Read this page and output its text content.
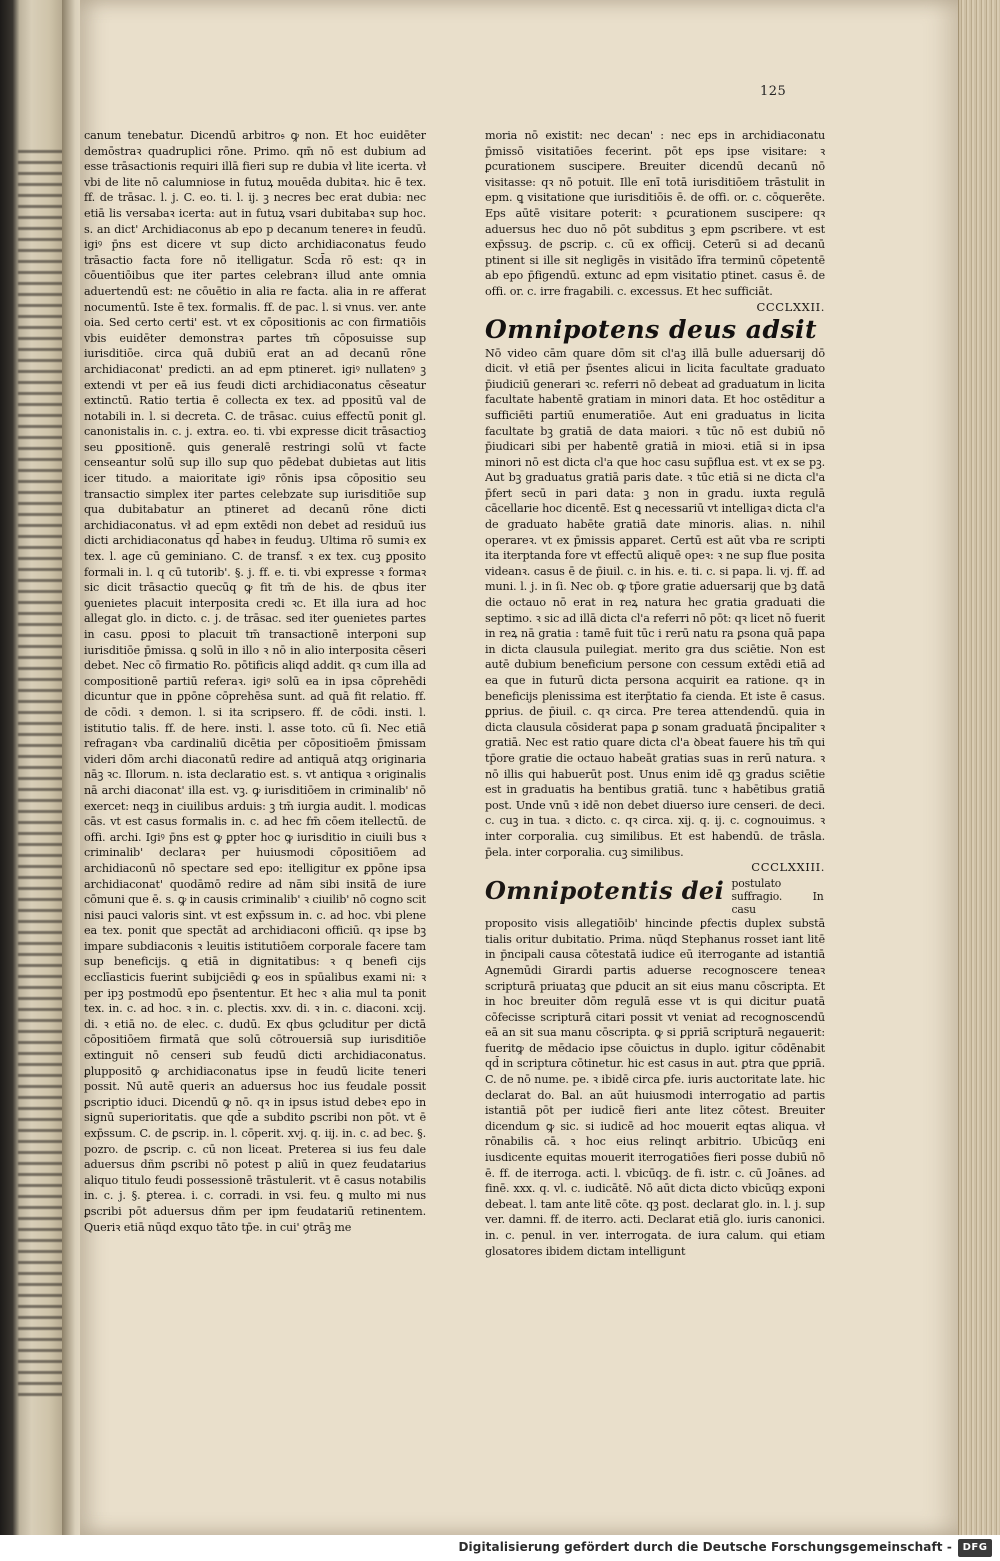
125

canum tenebatur. Dicendū arbitro𝔰 ꝙ non. Et hoc euidēter demōstraꝛ quadruplici rōne. Primo. qm̄ nō est dubium ad esse trāsactionis requiri illā fieri sup re dubia vł lite icerta. vł vbi de lite nō calumniose in futuꝝ mouēda dubitaꝛ. hic ē tex. ff. de trāsac. l. j. C. eo. ti. l. ij. ꝫ necres bec erat dubia: nec etiā lis versabaꝛ icerta: aut in futuꝝ vsari dubitabaꝛ sup hoc. s. an dict' Archidiaconus ab epo p decanum tenereꝛ in feudū. igiꝰ p̄ns est dicere vt sup dicto archidiaconatus feudo trāsactio facta fore nō itelligatur. Scd̄a rō est: qꝛ in cōuentiōibus que iter partes celebranꝛ illud ante omnia aduertendū est: ne cōuētio in alia re facta. alia in re afferat nocumentū. Iste ē tex. formalis. ff. de pac. l. si vnus. ver. ante oia. Sed certo certi' est. vt ex cōpositionis ac con firmatiōis vbis euidēter demonstraꝛ partes tm̄ cōposuisse sup iurisditiōe. circa quā dubiū erat an ad decanū rōne archidiaconat' predicti. an ad epm ptineret. igiꝰ nullatenꝰ ꝫ extendi vt per eā ius feudi dicti archidiaconatus cēseatur extinctū. Ratio tertia ē collecta ex tex. ad ppositū val de notabili in. l. si decreta. C. de trāsac. cuius effectū ponit gl. canonistalis in. c. j. extra. eo. ti. vbi expresse dicit trāsactioꝫ seu ꝑpositionē. ꝗuis generalē restringi solū vt facte censeantur solū sup illo sup quo pēdebat dubietas aut litis icer titudo. a maioritate igiꝰ rōnis ipsa cōpositio seu transactio simplex iter partes celebzate sup iurisditiōe sup qua dubitabatur an ptineret ad decanū rōne dicti archidiaconatus. vł ad epm extēdi non debet ad residuū ius dicti archidiaconatus qd̄ habeꝛ in feuduꝫ. Ultima rō sumiꝛ ex tex. l. age cū geminiano. C. de transf. ꝛ ex tex. cuꝫ ꝑposito formali in. l. q cū tutorib'. §. j. ff. e. ti. vbi expresse ꝛ formaꝛ sic dicit trāsactio quecūq ꝙ fit tm̄ de his. de qbus iter ꝯuenietes placuit interposita credi ꝛc. Et illa iura ad hoc allegat glo. in dicto. c. j. de trāsac. sed iter ꝯuenietes partes in casu. ꝑposi to placuit tm̄ transactionē interponi sup iurisditiōe p̄missa. ꝗ solū in illo ꝛ nō in alio interposita cēseri debet. Nec cō firmatio Ro. pōtificis aliqd addit. qꝛ cum illa ad compositionē partiū referaꝛ. igiꝰ solū ea in ipsa cōprehēdi dicuntur que in ꝑpōne cōprehēsa sunt. ad quā fit relatio. ff. de cōdi. ꝛ demon. l. si ita scripsero. ff. de cōdi. insti. l. istitutio talis. ff. de here. insti. l. asse toto. cū ſi. Nec etiā refraganꝛ vba cardinaliū dicētia per cōpositioēm p̄missam videri dōm archi diaconatū redire ad antiquā atqꝫ originaria nāꝫ ꝛc. Illorum. n. ista declaratio est. s. vt antiqua ꝛ originalis nā archi diaconat' illa est. vꝫ. ꝙ iurisditiōem in criminalib' nō exercet: neqꝫ in ciuilibus arduis: ꝫ tm̄ iurgia audit. l. modicas cās. vt est casus formalis in. c. ad hec fm̄ cōem itellectū. de offi. archi. Igiꝰ p̄ns est ꝙ ꝑpter hoc ꝙ iurisditio in ciuili bus ꝛ criminalib' declaraꝛ per huiusmodi cōpositiōem ad archidiaconū nō spectare sed epo: itelligitur ex ꝑpōne ipsa archidiaconat' quodāmō redire ad nām sibi insitā de iure cōmuni que ē. s. ꝙ in causis criminalib' ꝛ ciuilib' nō cogno scit nisi pauci valoris sint. vt est exp̄ssum in. c. ad hoc. vbi plene ea tex. ponit que spectāt ad archidiaconi officiū. qꝛ ipse bꝫ impare subdiaconis ꝛ leuitis istitutiōem corporale facere tam sup beneficijs. ꝗ etiā in dignitatibus: ꝛ q benefi cijs ecclīasticis fuerint subijciēdi ꝙ eos in spūalibus exami ni: ꝛ per ipꝫ postmodū epo p̄sententur. Et hec ꝛ alia mul ta ponit tex. in. c. ad hoc. ꝛ in. c. plectis. xxv. di. ꝛ in. c. diaconi. xcij. di. ꝛ etiā no. de elec. c. dudū. Ex qbus ꝯcluditur per dictā cōpositiōem firmatā que solū cōtrouersiā sup iurisditiōe extinguit nō censeri sub feudū dicti archidiaconatus. ꝑluppositō ꝙ archidiaconatus ipse in feudū licite teneri possit. Nū autē queriꝛ an aduersus hoc ius feudale possit ꝑscriptio iduci. Dicendū ꝙ nō. qꝛ in ipsus istud debeꝛ epo in signū superioritatis. que qd̄e a subdito ꝑscribi non pōt. vt ē exp̄ssum. C. de ꝑscrip. in. l. cōperit. xvj. q. iij. in. c. ad bec. §. pozro. de ꝑscrip. c. cū non liceat. Preterea si ius feu dale aduersus dñm ꝑscribi nō potest p aliū in quez feudatarius aliquo titulo feudi possessionē trāstulerit. vt ē casus notabilis in. c. j. §. ꝑterea. i. c. corradi. in vsi. feu. ꝗ multo mi nus ꝑscribi pōt aduersus dñm per ipm feudatariū retinentem. Queriꝛ etiā nūqd exquo tāto tp̄e. in cui' ꝯtrāꝫ me

moria nō existit: nec decan' : nec eps in archidiaconatu p̄missō visitatiōes fecerint. pōt eps ipse visitare: ꝛ ꝑcurationem suscipere. Breuiter dicendū decanū nō visitasse: qꝛ nō potuit. Ille enī totā iurisditiōem trāstulit in epm. ꝗ visitatione que iurisditiōis ē. de offi. or. c. cōquerēte. Eps aūtē visitare poterit: ꝛ ꝑcurationem suscipere: qꝛ aduersus hec duo nō pōt subditus ꝫ epm ꝑscribere. vt est exp̄ssuꝫ. de ꝑscrip. c. cū ex officij. Ceterū si ad decanū ptinent si ille sit negligēs in visitādo īfra terminū cōpetentē ab epo p̄figendū. extunc ad epm visitatio ptinet. casus ē. de offi. or. c. irre fragabili. c. excessus. Et hec sufficiāt.

CCCLXXII.

Omnipotens deus adsit

Nō video cām quare dōm sit cl'aꝫ illā bulle aduersarij dō dicit. vł etiā per p̄sentes alicui in licita facultate graduato p̄iudiciū generari ꝛc. referri nō debeat ad graduatum in licita facultate habentē gratiam in minori data. Et hoc ostēditur a sufficiēti partiū enumeratiōe. Aut eni graduatus in licita facultate bꝫ gratiā de data maiori. ꝛ tūc nō est dubiū nō p̄iudicari sibi per habentē gratiā in mioꝛi. etiā si in ipsa minori nō est dicta cl'a que hoc casu sup̄flua est. vt ex se pꝫ. Aut bꝫ graduatus gratiā paris date. ꝛ tūc etiā si ne dicta cl'a p̄fert secū in pari data: ꝫ non in gradu. iuxta regulā cācellarie hoc dicentē. Est ꝗ necessariū vt intelligaꝛ dicta cl'a de graduato habēte gratiā date minoris. alias. n. nihil operareꝛ. vt ex p̄missis apparet. Certū est aūt vba re scripti ita iterptanda fore vt effectū aliquē opeꝛ: ꝛ ne sup flue posita videanꝛ. casus ē de p̄iuil. c. in his. e. ti. c. si papa. li. vj. ff. ad muni. l. j. in ſi. Nec ob. ꝙ tp̄ore gratie aduersarij que bꝫ datā die octauo nō erat in reꝝ natura hec gratia graduati die septimo. ꝛ sic ad illā dicta cl'a referri nō pōt: qꝛ licet nō fuerit in reꝝ nā gratia : tamē fuit tūc i rerū natu ra ꝑsona quā papa in dicta clausula puilegiat. merito gra dus sciētie. Non est autē dubium beneficium persone con cessum extēdi etiā ad ea que in futurū dicta persona acquirit ea ratione. qꝛ in beneficijs plenissima est iterp̄tatio fa cienda. Et iste ē casus. ꝑprius. de p̄iuil. c. qꝛ circa. Pre terea attendendū. quia in dicta clausula cōsiderat papa ꝑ sonam graduatā p̄ncipaliter ꝛ gratiā. Nec est ratio quare dicta cl'a ꝺbeat fauere his tm̄ qui tp̄ore gratie die octauo habeāt gratias suas in rerū natura. ꝛ nō illis qui habuerūt post. Unus enim idē qꝫ gradus sciētie est in graduatis ha bentibus gratiā. tunc ꝛ habētibus gratiā post. Unde vnū ꝛ idē non debet diuerso iure censeri. de deci. c. cuꝫ in tua. ꝛ dicto. c. qꝛ circa. xij. q. ij. c. cognouimus. ꝛ inter corporalia. cuꝫ similibus. Et est habendū. de trāsla. p̄ela. inter corporalia. cuꝫ similibus.

CCCLXXIII.

Omnipotentis dei postulato suffragio. In casu

proposito visis allegatiōib' hincinde ꝑfectis duplex substā tialis oritur dubitatio. Prima. nūqd Stephanus rosset iant litē in p̄ncipali causa cōtestatā iudice eū iterrogante ad istantiā Agnemūdi Girardi partis aduerse recognoscere teneaꝛ scripturā priuataꝫ que ꝑducit an sit eius manu cōscripta. Et in hoc breuiter dōm regulā esse vt is qui dicitur ꝑuatā cōfecisse scripturā citari possit vt veniat ad recognoscendū eā an sit sua manu cōscripta. ꝙ si ꝑpriā scripturā negauerit: fueritꝙ de mēdacio ipse cōuictus in duplo. igitur cōdēnabit qd̄ in scriptura cōtinetur. hic est casus in aut. ꝑtra que ꝑpriā. C. de nō nume. pe. ꝛ ibidē circa ꝑfe. iuris auctoritate late. hic declarat do. Bal. an aūt huiusmodi interrogatio ad partis istantiā pōt per iudicē fieri ante litez cōtest. Breuiter dicendum ꝙ sic. si iudicē ad hoc mouerit eqtas aliqua. vł rōnabilis cā. ꝛ hoc eius relinqt arbitrio. Ubicūqꝫ eni iusdicente equitas mouerit iterrogatiōes fieri posse dubiū nō ē. ff. de iterroga. acti. l. vbicūqꝫ. de fi. istr. c. cū Joānes. ad finē. xxx. q. vl. c. iudicātē. Nō aūt dicta dicto vbicūqꝫ exponi debeat. l. tam ante litē cōte. qꝫ post. declarat glo. in. l. j. sup ver. damni. ff. de iterro. acti. Declarat etiā glo. iuris canonici. in. c. penul. in ver. interrogata. de iura calum. qui etiam glosatores ibidem dictam intelligunt

Digitalisierung gefördert durch die Deutsche Forschungsgemeinschaft -	DFG
